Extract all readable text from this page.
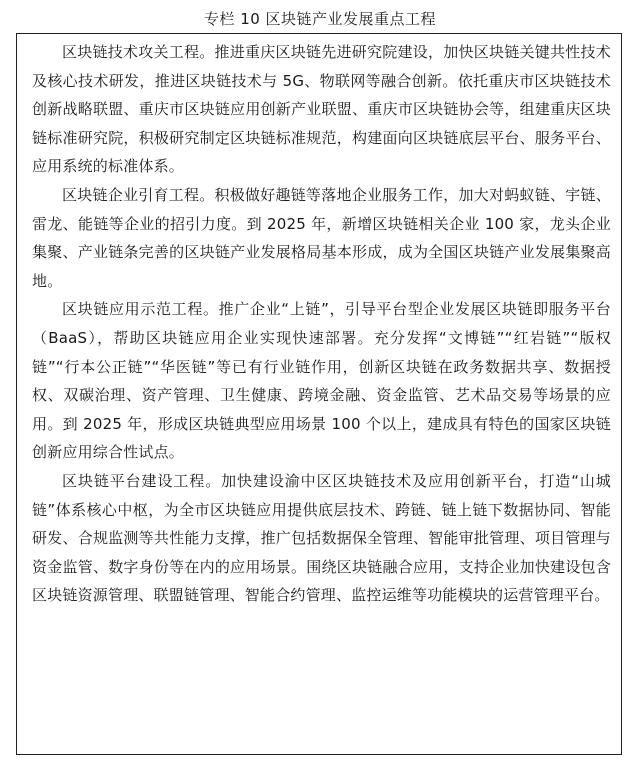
专栏 10 区块链产业发展重点工程

区块链技术攻关工程。推进重庆区块链先进研究院建设，加快区块链关键共性技术及核心技术研发，推进区块链技术与 5G、物联网等融合创新。依托重庆市区块链技术创新战略联盟、重庆市区块链应用创新产业联盟、重庆市区块链协会等，组建重庆区块链标准研究院，积极研究制定区块链标准规范，构建面向区块链底层平台、服务平台、应用系统的标准体系。

区块链企业引育工程。积极做好趣链等落地企业服务工作，加大对蚂蚁链、宇链、雷龙、能链等企业的招引力度。到 2025 年，新增区块链相关企业 100 家，龙头企业集聚、产业链条完善的区块链产业发展格局基本形成，成为全国区块链产业发展集聚高地。

区块链应用示范工程。推广企业“上链”，引导平台型企业发展区块链即服务平台（BaaS），帮助区块链应用企业实现快速部署。充分发挥“文博链”“红岩链”“版权链”“行本公正链”“华医链”等已有行业链作用，创新区块链在政务数据共享、数据授权、双碳治理、资产管理、卫生健康、跨境金融、资金监管、艺术品交易等场景的应用。到 2025 年，形成区块链典型应用场景 100 个以上，建成具有特色的国家区块链创新应用综合性试点。

区块链平台建设工程。加快建设渝中区区块链技术及应用创新平台，打造“山城链”体系核心中枢，为全市区块链应用提供底层技术、跨链、链上链下数据协同、智能研发、合规监测等共性能力支撑，推广包括数据保全管理、智能审批管理、项目管理与资金监管、数字身份等在内的应用场景。围绕区块链融合应用，支持企业加快建设包含区块链资源管理、联盟链管理、智能合约管理、监控运维等功能模块的运营管理平台。
